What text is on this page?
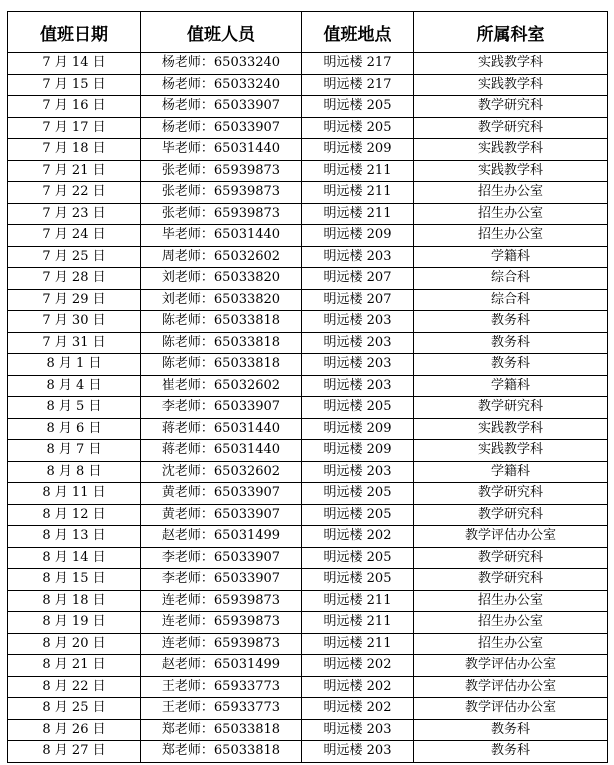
值班日期	值班人员	值班地点	所属科室
7 月 14 日	杨老师：65033240	明远楼 217	实践教学科
7 月 15 日	杨老师：65033240	明远楼 217	实践教学科
7 月 16 日	杨老师：65033907	明远楼 205	教学研究科
7 月 17 日	杨老师：65033907	明远楼 205	教学研究科
7 月 18 日	毕老师：65031440	明远楼 209	实践教学科
7 月 21 日	张老师：65939873	明远楼 211	实践教学科
7 月 22 日	张老师：65939873	明远楼 211	招生办公室
7 月 23 日	张老师：65939873	明远楼 211	招生办公室
7 月 24 日	毕老师：65031440	明远楼 209	招生办公室
7 月 25 日	周老师：65032602	明远楼 203	学籍科
7 月 28 日	刘老师：65033820	明远楼 207	综合科
7 月 29 日	刘老师：65033820	明远楼 207	综合科
7 月 30 日	陈老师：65033818	明远楼 203	教务科
7 月 31 日	陈老师：65033818	明远楼 203	教务科
8 月 1 日	陈老师：65033818	明远楼 203	教务科
8 月 4 日	崔老师：65032602	明远楼 203	学籍科
8 月 5 日	李老师：65033907	明远楼 205	教学研究科
8 月 6 日	蒋老师：65031440	明远楼 209	实践教学科
8 月 7 日	蒋老师：65031440	明远楼 209	实践教学科
8 月 8 日	沈老师：65032602	明远楼 203	学籍科
8 月 11 日	黄老师：65033907	明远楼 205	教学研究科
8 月 12 日	黄老师：65033907	明远楼 205	教学研究科
8 月 13 日	赵老师：65031499	明远楼 202	教学评估办公室
8 月 14 日	李老师：65033907	明远楼 205	教学研究科
8 月 15 日	李老师：65033907	明远楼 205	教学研究科
8 月 18 日	连老师：65939873	明远楼 211	招生办公室
8 月 19 日	连老师：65939873	明远楼 211	招生办公室
8 月 20 日	连老师：65939873	明远楼 211	招生办公室
8 月 21 日	赵老师：65031499	明远楼 202	教学评估办公室
8 月 22 日	王老师：65933773	明远楼 202	教学评估办公室
8 月 25 日	王老师：65933773	明远楼 202	教学评估办公室
8 月 26 日	郑老师：65033818	明远楼 203	教务科
8 月 27 日	郑老师：65033818	明远楼 203	教务科
